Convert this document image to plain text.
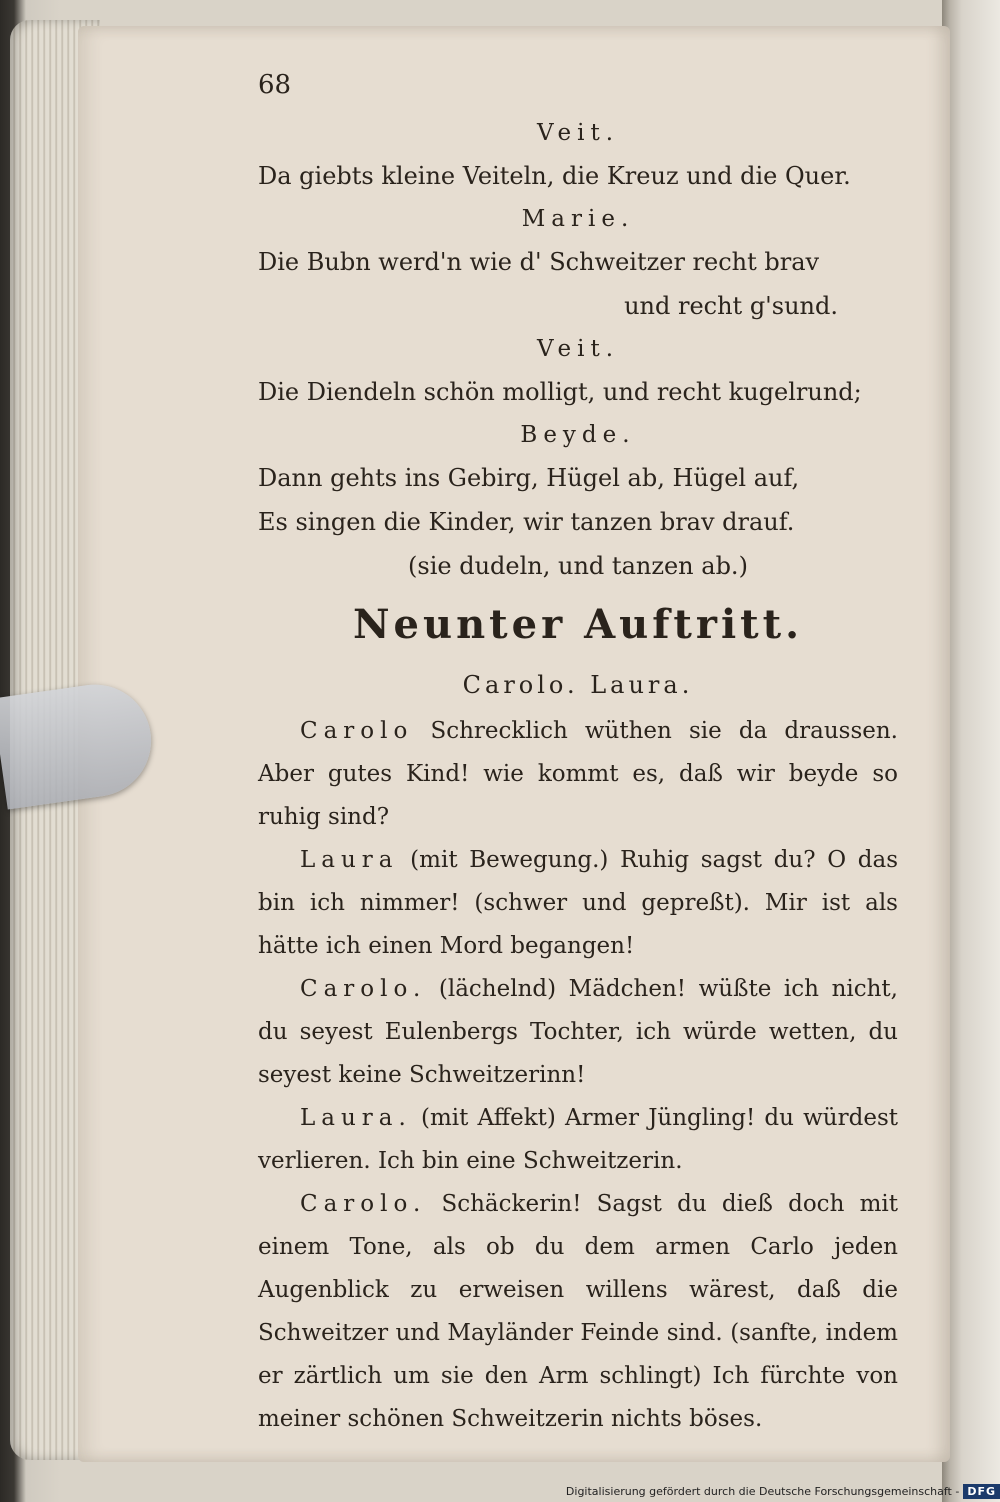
68
Veit.
Da giebts kleine Veiteln, die Kreuz und die Quer.
Marie.
Die Bubn werd'n wie d' Schweitzer recht brav
und recht g'sund.
Veit.
Die Diendeln schön molligt, und recht kugelrund;
Beyde.
Dann gehts ins Gebirg, Hügel ab, Hügel auf,
Es singen die Kinder, wir tanzen brav drauf.
(sie dudeln, und tanzen ab.)
Neunter Auftritt.
Carolo. Laura.

Carolo Schrecklich wüthen sie da draussen. Aber gutes Kind! wie kommt es, daß wir beyde so ruhig sind?

Laura (mit Bewegung.) Ruhig sagst du? O das bin ich nimmer! (schwer und gepreßt). Mir ist als hätte ich einen Mord begangen!

Carolo. (lächelnd) Mädchen! wüßte ich nicht, du seyest Eulenbergs Tochter, ich würde wetten, du seyest keine Schweitzerinn!

Laura. (mit Affekt) Armer Jüngling! du würdest verlieren. Ich bin eine Schweitzerin.

Carolo. Schäckerin! Sagst du dieß doch mit einem Tone, als ob du dem armen Carlo jeden Augenblick zu erweisen willens wärest, daß die Schweitzer und Mayländer Feinde sind. (sanfte, indem er zärtlich um sie den Arm schlingt) Ich fürchte von meiner schönen Schweitzerin nichts böses.

Digitalisierung gefördert durch die Deutsche Forschungsgemeinschaft - DFG
